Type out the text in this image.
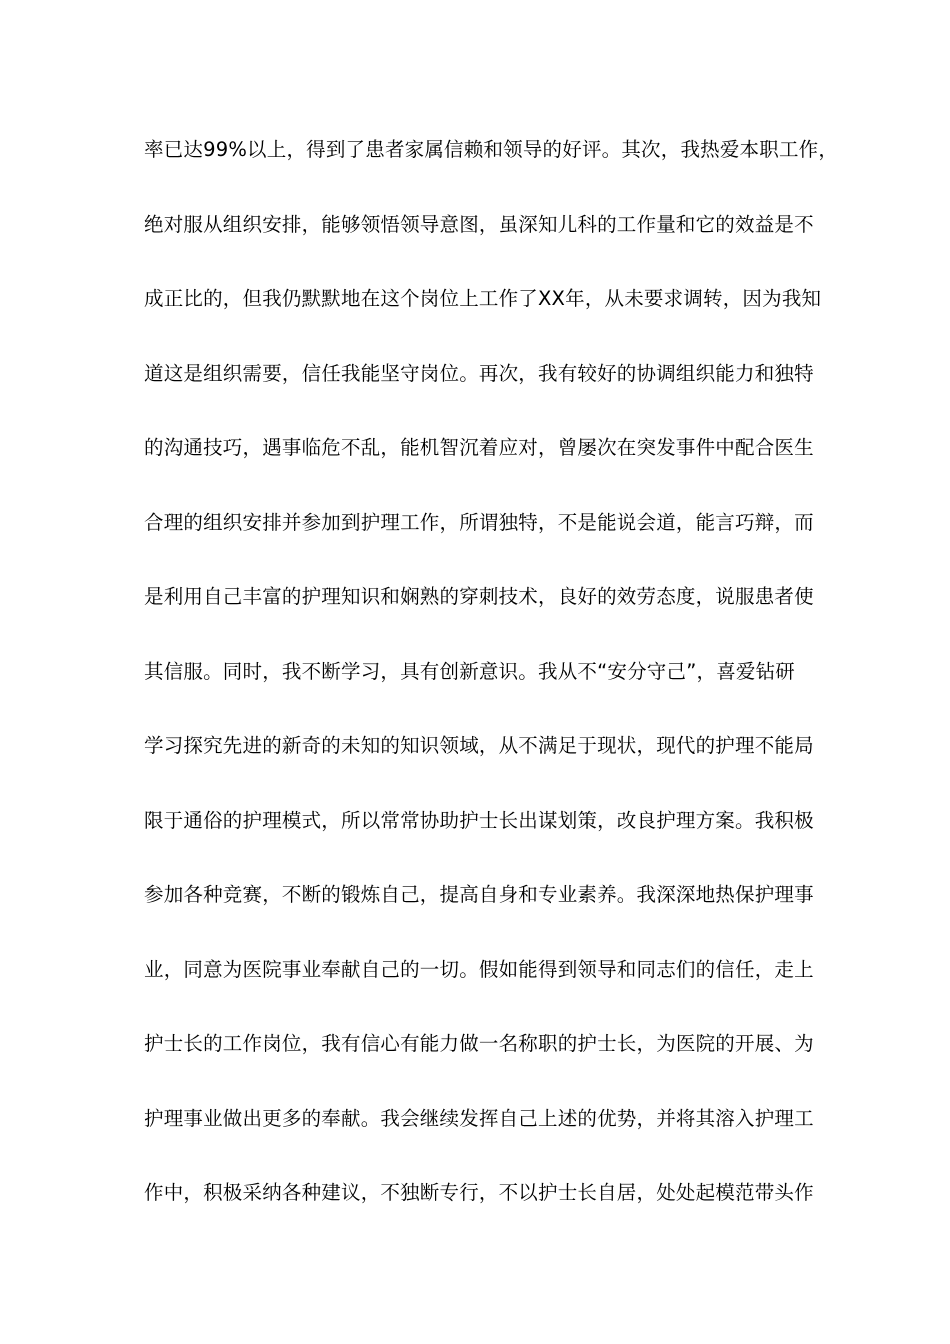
率已达99%以上，得到了患者家属信赖和领导的好评。其次，我热爱本职工作，
绝对服从组织安排，能够领悟领导意图，虽深知儿科的工作量和它的效益是不
成正比的，但我仍默默地在这个岗位上工作了XX年，从未要求调转，因为我知
道这是组织需要，信任我能坚守岗位。再次，我有较好的协调组织能力和独特
的沟通技巧，遇事临危不乱，能机智沉着应对，曾屡次在突发事件中配合医生
合理的组织安排并参加到护理工作，所谓独特，不是能说会道，能言巧辩，而
是利用自己丰富的护理知识和娴熟的穿刺技术，良好的效劳态度，说服患者使
其信服。同时，我不断学习，具有创新意识。我从不“安分守己”，喜爱钻研
学习探究先进的新奇的未知的知识领域，从不满足于现状，现代的护理不能局
限于通俗的护理模式，所以常常协助护士长出谋划策，改良护理方案。我积极
参加各种竞赛，不断的锻炼自己，提高自身和专业素养。我深深地热保护理事
业，同意为医院事业奉献自己的一切。假如能得到领导和同志们的信任，走上
护士长的工作岗位，我有信心有能力做一名称职的护士长，为医院的开展、为
护理事业做出更多的奉献。我会继续发挥自己上述的优势，并将其溶入护理工
作中，积极采纳各种建议，不独断专行，不以护士长自居，处处起模范带头作
